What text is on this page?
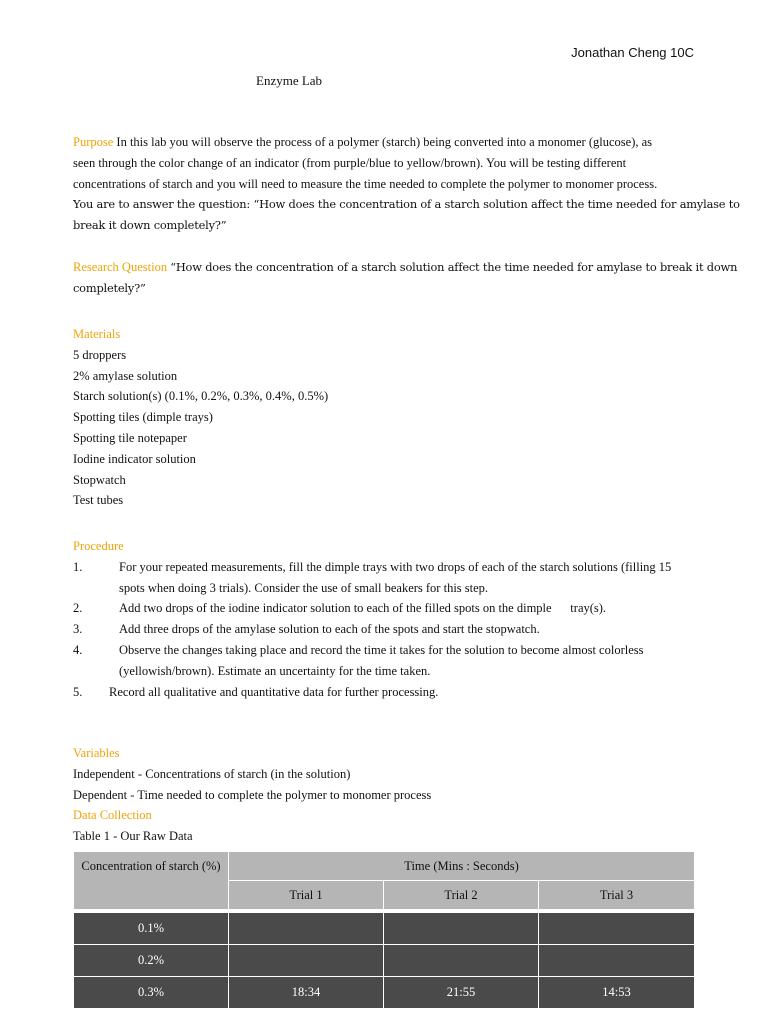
Jonathan Cheng 10C
Enzyme Lab
Purpose In this lab you will observe the process of a polymer (starch) being converted into a monomer (glucose), as
seen through the color change of an indicator (from purple/blue to yellow/brown). You will be testing different
concentrations of starch and you will need to measure the time needed to complete the polymer to monomer process.
You are to answer the question: “How does the concentration of a starch solution affect the time needed for amylase to
break it down completely?”
Research Question “How does the concentration of a starch solution affect the time needed for amylase to break it down
completely?”
Materials
5 droppers
2% amylase solution
Starch solution(s) (0.1%, 0.2%, 0.3%, 0.4%, 0.5%)
Spotting tiles (dimple trays)
Spotting tile notepaper
Iodine indicator solution
Stopwatch
Test tubes
Procedure
1.	For your repeated measurements, fill the dimple trays with two drops of each of the starch solutions (filling 15
spots when doing 3 trials). Consider the use of small beakers for this step.
2.	Add two drops of the iodine indicator solution to each of the filled spots on the dimple      tray(s).
3.	Add three drops of the amylase solution to each of the spots and start the stopwatch.
4.	Observe the changes taking place and record the time it takes for the solution to become almost colorless
(yellowish/brown). Estimate an uncertainty for the time taken.
5.	Record all qualitative and quantitative data for further processing.
Variables
Independent - Concentrations of starch (in the solution)
Dependent - Time needed to complete the polymer to monomer process
Data Collection
Table 1 - Our Raw Data
Concentration of starch (%)	Time (Mins : Seconds)		
	Trial 1	Trial 2	Trial 3

0.1%			
0.2%			
0.3%	18:34	21:55	14:53
